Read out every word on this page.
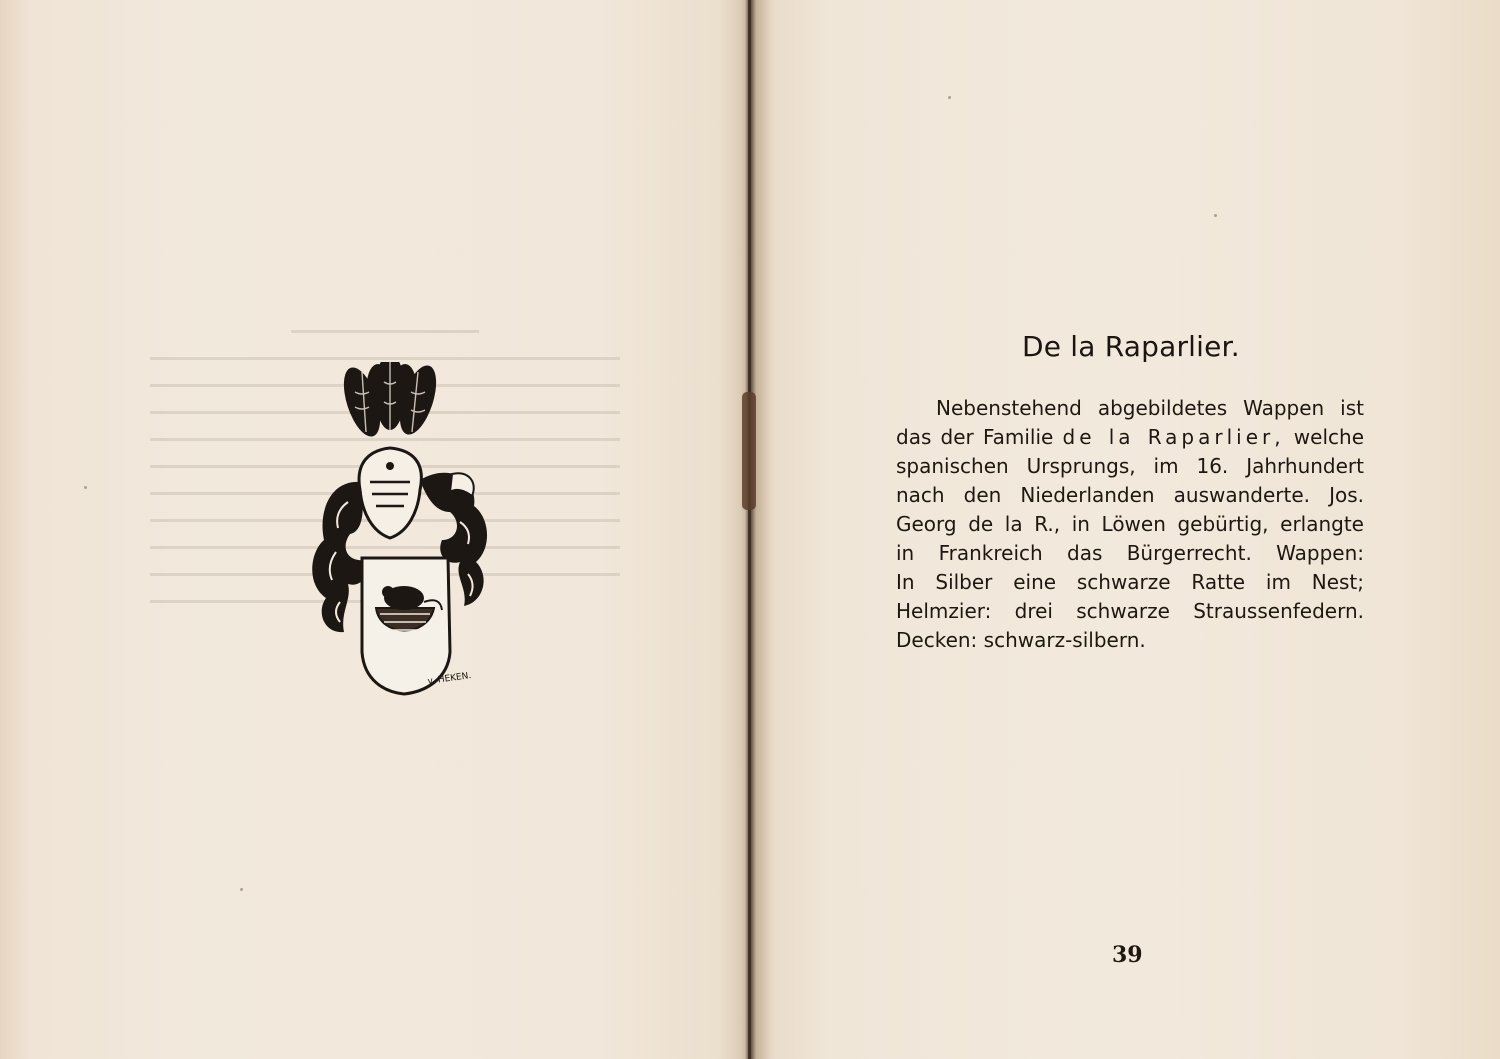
v. HEKEN.
De la Raparlier.
Nebenstehend abgebildetes Wappen ist
das der Familie de la Raparlier, welche
spanischen Ursprungs, im 16. Jahrhundert
nach den Niederlanden auswanderte. Jos.
Georg de la R., in Löwen gebürtig, erlangte
in Frankreich das Bürgerrecht. Wappen:
In Silber eine schwarze Ratte im Nest;
Helmzier: drei schwarze Straussenfedern.
Decken: schwarz-silbern.
39
